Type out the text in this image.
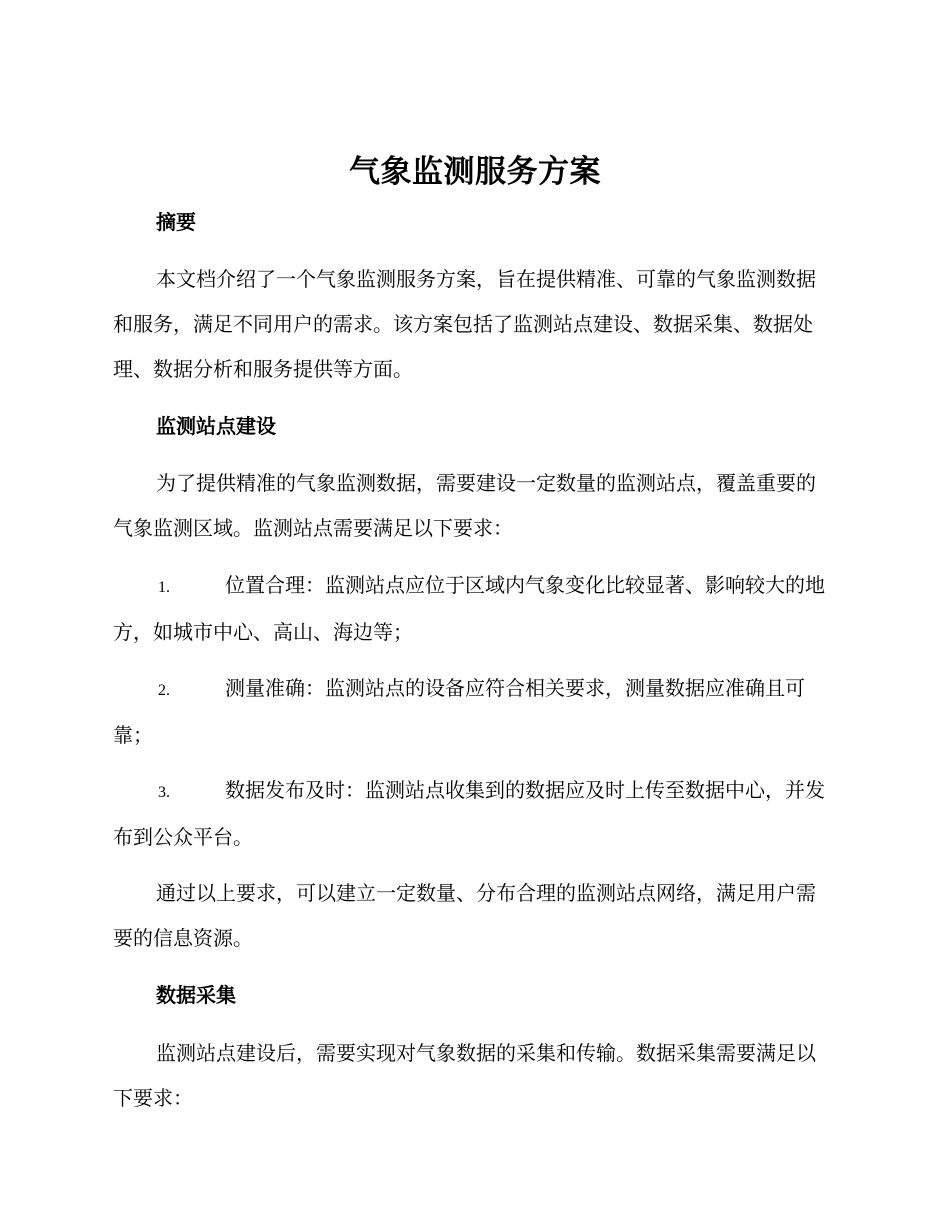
气象监测服务方案
摘要

本文档介绍了一个气象监测服务方案，旨在提供精准、可靠的气象监测数据和服务，满足不同用户的需求。该方案包括了监测站点建设、数据采集、数据处理、数据分析和服务提供等方面。

监测站点建设

为了提供精准的气象监测数据，需要建设一定数量的监测站点，覆盖重要的气象监测区域。监测站点需要满足以下要求：

1.	位置合理：监测站点应位于区域内气象变化比较显著、影响较大的地方，如城市中心、高山、海边等；

2.	测量准确：监测站点的设备应符合相关要求，测量数据应准确且可靠；

3.	数据发布及时：监测站点收集到的数据应及时上传至数据中心，并发布到公众平台。

通过以上要求，可以建立一定数量、分布合理的监测站点网络，满足用户需要的信息资源。

数据采集

监测站点建设后，需要实现对气象数据的采集和传输。数据采集需要满足以下要求：
